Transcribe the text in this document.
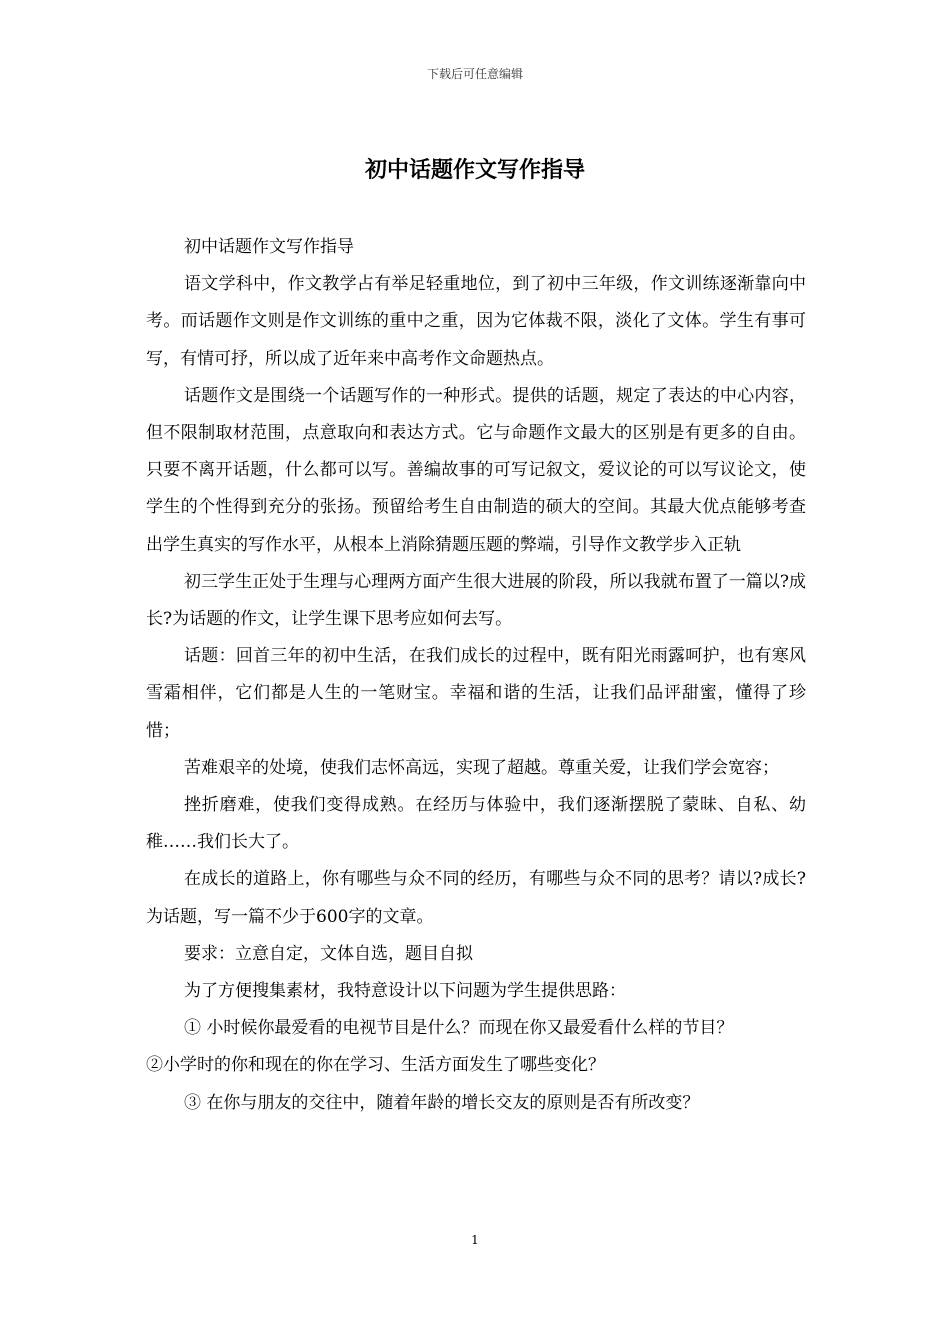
下载后可任意编辑
初中话题作文写作指导

初中话题作文写作指导

语文学科中，作文教学占有举足轻重地位，到了初中三年级，作文训练逐渐靠向中考。而话题作文则是作文训练的重中之重，因为它体裁不限，淡化了文体。学生有事可写，有情可抒，所以成了近年来中高考作文命题热点。

话题作文是围绕一个话题写作的一种形式。提供的话题，规定了表达的中心内容，但不限制取材范围，点意取向和表达方式。它与命题作文最大的区别是有更多的自由。只要不离开话题，什么都可以写。善编故事的可写记叙文，爱议论的可以写议论文，使学生的个性得到充分的张扬。预留给考生自由制造的硕大的空间。其最大优点能够考查出学生真实的写作水平，从根本上消除猜题压题的弊端，引导作文教学步入正轨

初三学生正处于生理与心理两方面产生很大进展的阶段，所以我就布置了一篇以?成长?为话题的作文，让学生课下思考应如何去写。

话题：回首三年的初中生活，在我们成长的过程中，既有阳光雨露呵护，也有寒风雪霜相伴，它们都是人生的一笔财宝。幸福和谐的生活，让我们品评甜蜜，懂得了珍惜；

苦难艰辛的处境，使我们志怀高远，实现了超越。尊重关爱，让我们学会宽容；

挫折磨难，使我们变得成熟。在经历与体验中，我们逐渐摆脱了蒙昧、自私、幼稚……我们长大了。

在成长的道路上，你有哪些与众不同的经历，有哪些与众不同的思考？请以?成长?为话题，写一篇不少于600字的文章。

要求：立意自定，文体自选，题目自拟

为了方便搜集素材，我特意设计以下问题为学生提供思路：

① 小时候你最爱看的电视节目是什么？而现在你又最爱看什么样的节目？

②小学时的你和现在的你在学习、生活方面发生了哪些变化？

③ 在你与朋友的交往中，随着年龄的增长交友的原则是否有所改变？

1
